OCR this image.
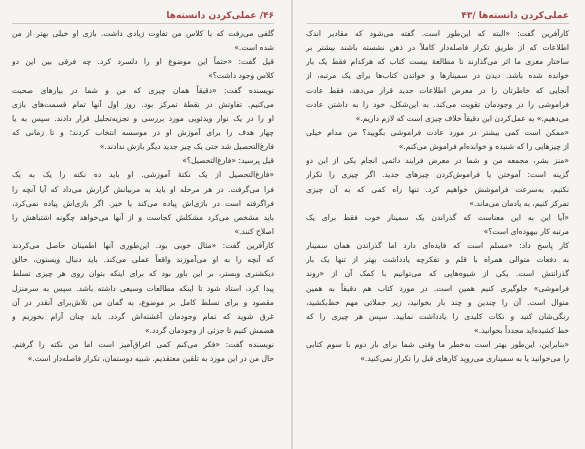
۴۶/ عملی‌کردن دانسته‌ها
گلفی می‌رفت که با کلاس من تفاوت زیادی داشت. بازی او خیلی بهتر از من
شده است.»
قیل گفت: «حتماً این موضوع او را دلسرد کرد. چه فرقی بین این دو
کلاس وجود داشت؟»
نویسنده گفت: «دقیقاً همان چیزی که من و شما در بیارهای صحبت
می‌کنیم. تفاوتش در نقطهٔ تمرکز بود. روز اول آنها تمام قسمت‌های بازی
او را در یک نوار ویدئویی مورد بررسی و تجزیه‌تحلیل قرار دادند. سپس به یا
چهار هدف را برای آموزش او در موسسه انتخاب کردند؛ و تا زمانی که
فارغ‌التحصیل شد حتی یک چیز جدید دیگر بازش ندادند.»
قیل پرسید: «فارغ‌التحصیل؟»
«فارغ‌التحصیل از یک نکتهٔ آموزشی. او باید ده نکته را یک به یک
فرا می‌گرفت. در هر مرحله او باید به مربیانش گزارش می‌داد که آیا آنچه را
فراگرفته است در بازی‌اش پیاده می‌کند یا خیر. اگر بازی‌اش پیاده نمی‌کرد،
باید مشخص می‌کرد مشکلش کجاست و از آنها می‌خواهد چگونه اشتباهش را
اصلاح کنند.»
کارآفرین گفت: «مثال خوبی بود. این‌طوری آنها اطمینان حاصل می‌کردند
که آنچه را به او می‌آموزند واقعاً عملی می‌کند. باید دنبال ویستون، خالق
دیکشنری وبستر، بر این باور بود که برای اینکه بتوان روی هر چیزی تسلط
پیدا کرد، استاد شود تا اینکه مطالعات وسیعی داشته باشد. سپس به سرمنزل
مقصود و برای تسلط کامل بر موضوع، به گمان من تلاش‌برای آنقدر در آن
غرق شوید که تمام وجودمان آغشته‌اش گردد. باید چنان آرام بخوریم و
هضمش کنیم تا جزئی از وجودمان گردد.»
نویسنده گفت: «فکر می‌کنم کمی اغراق‌آمیز است اما من نکته را گرفتم.
حال من در این مورد به تلقین معتقدیم. شبیه دوستمان، تکرار فاصله‌دار است.»
عملی‌کردن دانسته‌ها /۴۳
کارآفرین گفت: «البته که این‌طور است. گفته می‌شود که مقادیر اندک
اطلاعات که از طریق تکرار فاصله‌دار کاملاً در ذهن نشسته باشند بیشتر بر
ساختار مغزی ما اثر می‌گذارند تا مطالعهٔ بیست کتاب که هرکدام فقط یک بار
خوانده شده باشد. دیدن در سمینارها و خواندن کتاب‌ها برای یک مرتبه، از
آنجایی که خاطرتان را در معرض اطلاعات جدید قرار می‌دهد، فقط عادت
فراموشی را در وجودمان تقویت می‌کند. به این‌شکل، خود را به داشتن عادت
می‌دهیم.» به عمل‌کردن این دقیقاً خلاف چیزی است که لازم داریم.»
«ممکن است کمی بیشتر در مورد عادت فراموشی بگویید؟ من مدام خیلی
از چیزهایی را که شنیده و خوانده‌ام فراموش می‌کنم.»
«منز بشر، مجمعه من و شما در معرض فرایند دائمی انجام یکی از این دو
گزینه است: آموختن یا فراموش‌کردن چیزهای جدید. اگر چیزی را تکرار
نکنیم، به‌سرعت فراموشش خواهیم کرد. تنها راه کمی که به آن چیزی
تمرکز کنیم، به یادمان می‌ماند.»
«آیا این به این معناست که گذراندن یک سمینار خوب فقط برای یک
مرتبه کار بیهوده‌ای است؟»
کار پاسخ داد: «مسلم است که فایده‌ای دارد اما گذراندن همان سمینار
به دفعات متوالی همراه با قلم و تفکر‌چه یادداشت بهتر از تنها یک بار
گذرانتش است. یکی از شیوه‌هایی که می‌توانیم با کمک آن از «روند
فراموشی» جلوگیری کنیم همین است. در مورد کتاب هم دقیقاً به همین
منوال است. آن را چندین و چند بار بخوانید، زیر جملاتی مهم خط‌بکشید،
رنگی‌شان کنید و نکات کلیدی را یادداشت نمایید. سپس هر چیزی را که
خط کشیده‌اید مجدداً بخوانید.»
«بنابراین، این‌طور بهتر است به‌خطر ما وقتی شما برای بار دوم با سوم کتابی
را می‌خوانید یا به سمیناری می‌روید کارهای قبل را تکرار نمی‌کنید.»
